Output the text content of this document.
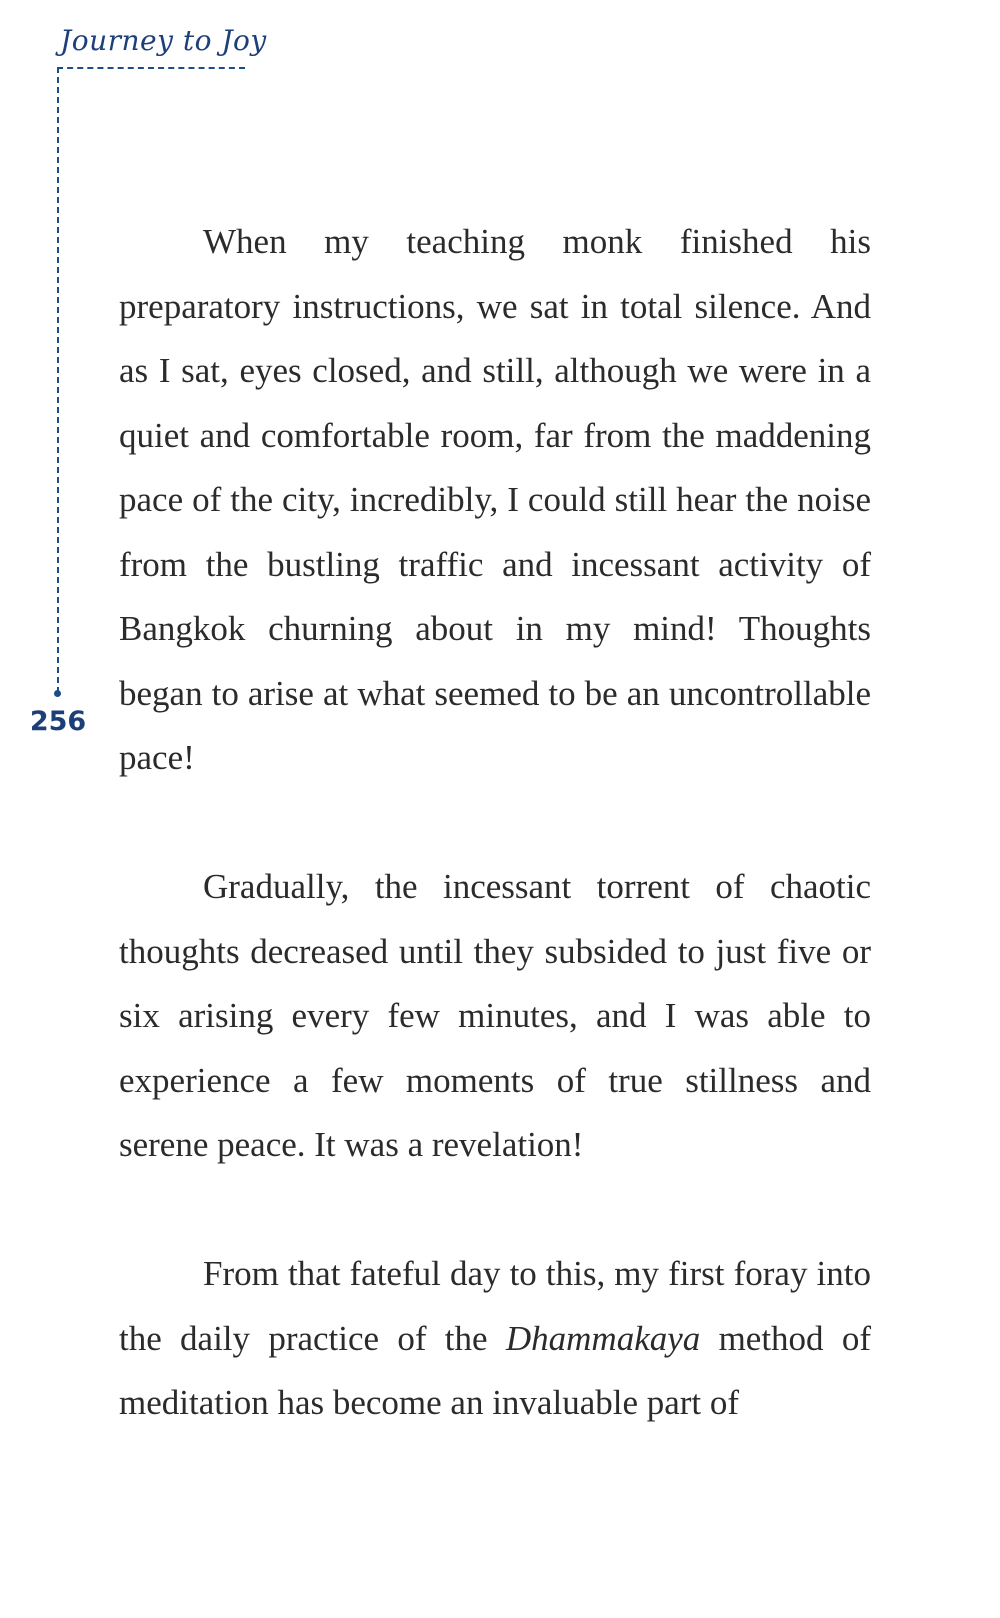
Journey to Joy
256

When my teaching monk finished his preparatory instructions, we sat in total silence. And as I sat, eyes closed, and still, although we were in a quiet and comfortable room, far from the maddening pace of the city, incredibly, I could still hear the noise from the bustling traffic and incessant activity of Bangkok churning about in my mind! Thoughts began to arise at what seemed to be an uncontrollable pace!

Gradually, the incessant torrent of chaotic thoughts decreased until they subsided to just five or six arising every few minutes, and I was able to experience a few moments of true stillness and serene peace. It was a revelation!

From that fateful day to this, my first foray into the daily practice of the Dhammakaya method of meditation has become an invaluable part of
